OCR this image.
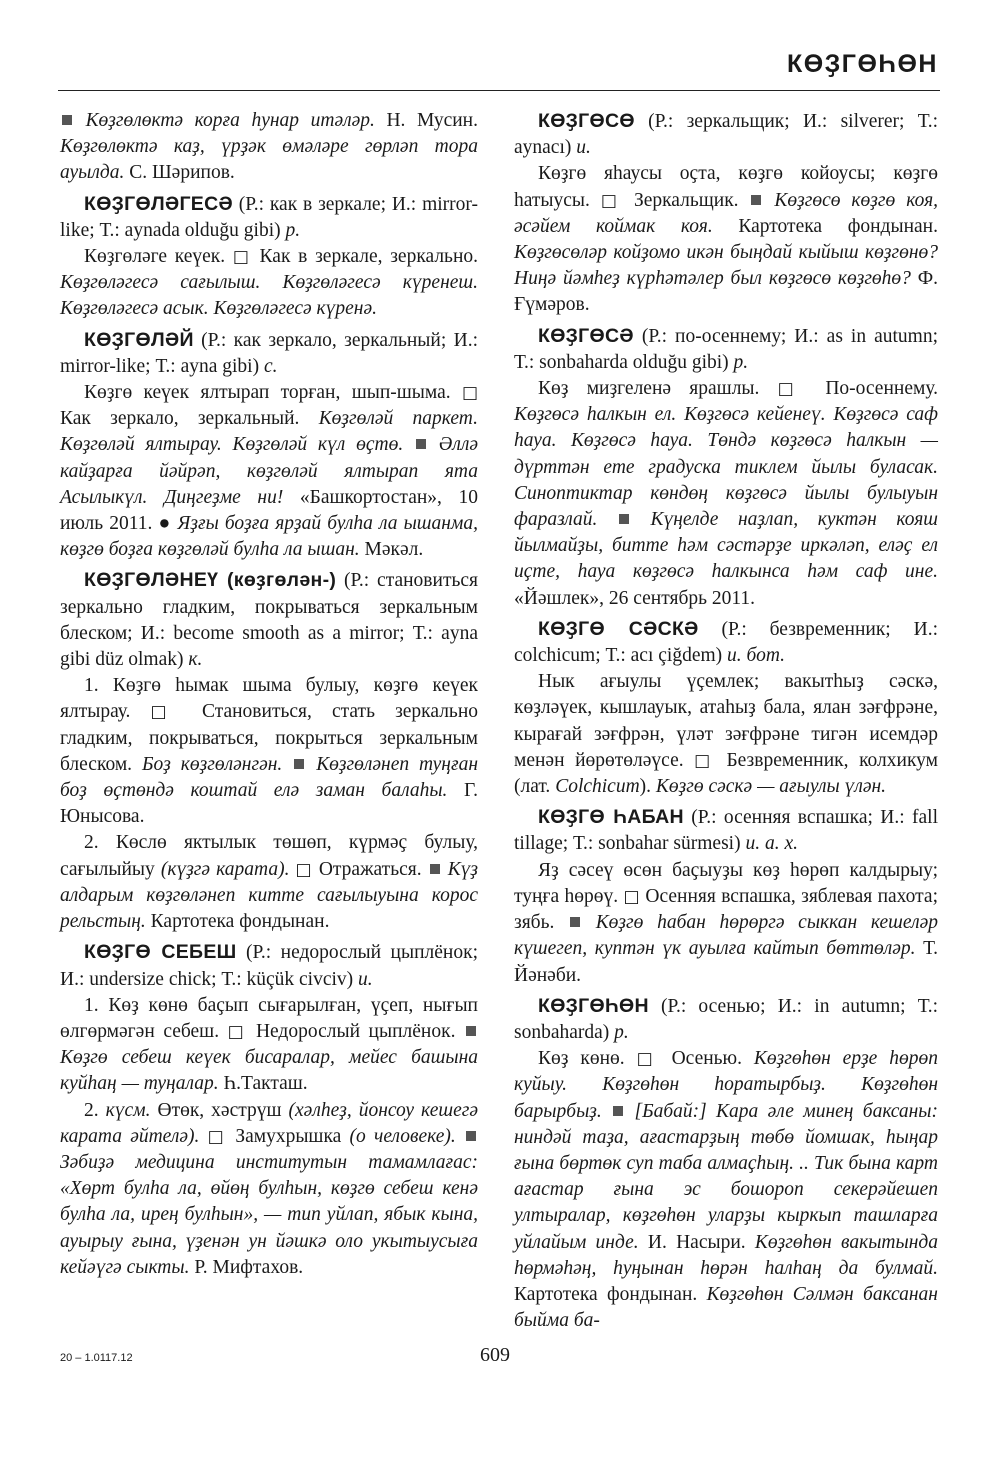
КӨҘГӨҺӨН

Көҙгөлөктә корға һунар итәләр. Н. Мусин. Көҙгөлөктә каҙ, үрҙәк өмәләре гөрләп тора ауылда. С. Шәрипов.

КӨҘГӨЛӘГЕСӘ (Р.: как в зеркале; И.: mirror-like; Т.: aynada olduğu gibi) р.

Көҙгөләге кеүек. □ Как в зеркале, зеркально. Көҙгөләгесә сағылыш. Көҙгөләгесә күренеш. Көҙгөләгесә асык. Көҙгөләгесә күренә.

КӨҘГӨЛӘЙ (Р.: как зеркало, зеркальный; И.: mirror-like; Т.: ayna gibi) с.

Көҙгө кеүек ялтырап торған, шып-шыма. □ Как зеркало, зеркальный. Көҙгөләй паркет. Көҙгөләй ялтырау. Көҙгөләй күл өҫтө.  Әллә кайҙарға йәйрәп, көҙгөләй ялтырап ята Асылыкүл. Диңгеҙме ни! «Башкортостан», 10 июль 2011. ● Яҙғы боҙға ярҙай булһа ла ышанма, көҙгө боҙға көҙгөләй булһа ла ышан. Мәкәл.

КӨҘГӨЛӘНЕҮ (көҙгөлән-) (Р.: становиться зеркально гладким, покрываться зеркальным блеском; И.: become smooth as a mirror; Т.: ayna gibi düz olmak) к.

1. Көҙгө һымак шыма булыу, көҙгө кеүек ялтырау. □ Становиться, стать зеркально гладким, покрываться, покрыться зеркальным блеском. Боҙ көҙгөләнгән.  Көҙгөләнеп туңған боҙ өҫтөндә коштай елә заман балаһы. Г. Юнысова.

2. Көслө яктылык төшөп, күрмәҫ булыу, сағылыйыу (күҙгә карата). □ Отражаться.  Күҙ алдарым көҙгөләнеп китте сағылыуына корос рельстың. Картотека фондынан.

КӨҘГӨ СЕБЕШ (Р.: недорослый цыплёнок; И.: undersize chick; Т.: küçük civciv) и.

1. Көҙ көнө баҫып сығарылған, үҫеп, нығып өлгөрмәгән себеш. □ Недорослый цыплёнок.  Көҙгө себеш кеүек бисаралар, мейес башына куйһаң — туңалар. Һ.Такташ.

2. күсм. Өтөк, хәстрүш (хәлһеҙ, йонсоу кешегә карата әйтелә). □ Замухрышка (о человеке).  Зәбиҙә медицина институтын тамамлағас: «Хөрт булһа ла, өйөң булһын, көҙгө себеш кенә булһа ла, ирең булһын», — тип уйлап, ябык кына, ауырыу ғына, үҙенән ун йәшкә оло укытыусыға кейәүгә сыкты. Р. Мифтахов.

КӨҘГӨСӨ (Р.: зеркальщик; И.: silverer; Т.: aynacı) и.

Көҙгө яһаусы оҫта, көҙгө койоусы; көҙгө һатыусы. □ Зеркальщик.  Көҙгөсө көҙгө коя, әсәйем коймак коя. Картотека фондынан. Көҙгөсөләр койҙомо икән быңдай кыйыш көҙгөнө? Ниңә йәмһеҙ күрһәтәлер был көҙгөсө көҙгөһө? Ф. Ғүмәров.

КӨҘГӨСӘ (Р.: по-осеннему; И.: as in autumn; Т.: sonbaharda olduğu gibi) р.

Көҙ миҙгеленә ярашлы. □ По-осеннему. Көҙгөсә һалкын ел. Көҙгөсә кейенеү. Көҙгөсә саф һауа. Көҙгөсә һауа. Төндә көҙгөсә һалкын — дүрттән ете градуска тиклем йылы буласак. Синоптиктар көндөң көҙгөсә йылы булыуын фаразлай.  Күңелде наҙлап, куктән кояш йылмайҙы, битте һәм сәстәрҙе иркәләп, еләҫ ел иҫте, һауа көҙгөсә һалкынса һәм саф ине. «Йәшлек», 26 сентябрь 2011.

КӨҘГӨ СӘСКӘ (Р.: безвременник; И.: colchicum; Т.: acı çiğdem) и. бот.

Нык ағыулы үҫемлек; вакытһыҙ сәскә, көҙләүек, кышлауык, атаһыҙ бала, ялан зәғфрәне, кырағай зәғфрән, үләт зәғфрәне тигән исемдәр менән йөрөтөләүсе. □ Безвременник, колхикум (лат. Colchicum). Көҙгө сәскә — ағыулы үлән.

КӨҘГӨ ҺАБАН (Р.: осенняя вспашка; И.: fall tillage; Т.: sonbahar sürmesi) и. а. х.

Яҙ сәсеү өсөн баҫыуҙы көҙ һөрөп калдырыу; туңға һөрөү. □ Осенняя вспашка, зяблевая пахота; зябь.  Көҙгө һабан һөрөргә сыккан кешеләр күшегеп, куптән үк ауылға кайтып бөттөләр. Т. Йәнәби.

КӨҘГӨҺӨН (Р.: осенью; И.: in autumn; Т.: sonbaharda) р.

Көҙ көнө. □ Осенью. Көҙгөһөн ерҙе һөрөп куйыу. Көҙгөһөн һоратырбыҙ. Көҙгөһөн барырбыҙ.  [Бабай:] Кара әле минең баксаны: ниндәй таҙа, ағастарҙың төбө йомшак, һыңар ғына бөртөк суп таба алмаҫһың. .. Тик бына карт ағастар ғына эс бошороп секерәйешеп ултыралар, көҙгөһөн уларҙы кыркып ташларға уйлайым инде. И. Насыри. Көҙгөһөн вакытында һөрмәһәң, һуңынан һөрән һалһаң да булмай. Картотека фондынан. Көҙгөһөн Сәлмән баксанан быйма ба-

20 – 1.0117.12	609
